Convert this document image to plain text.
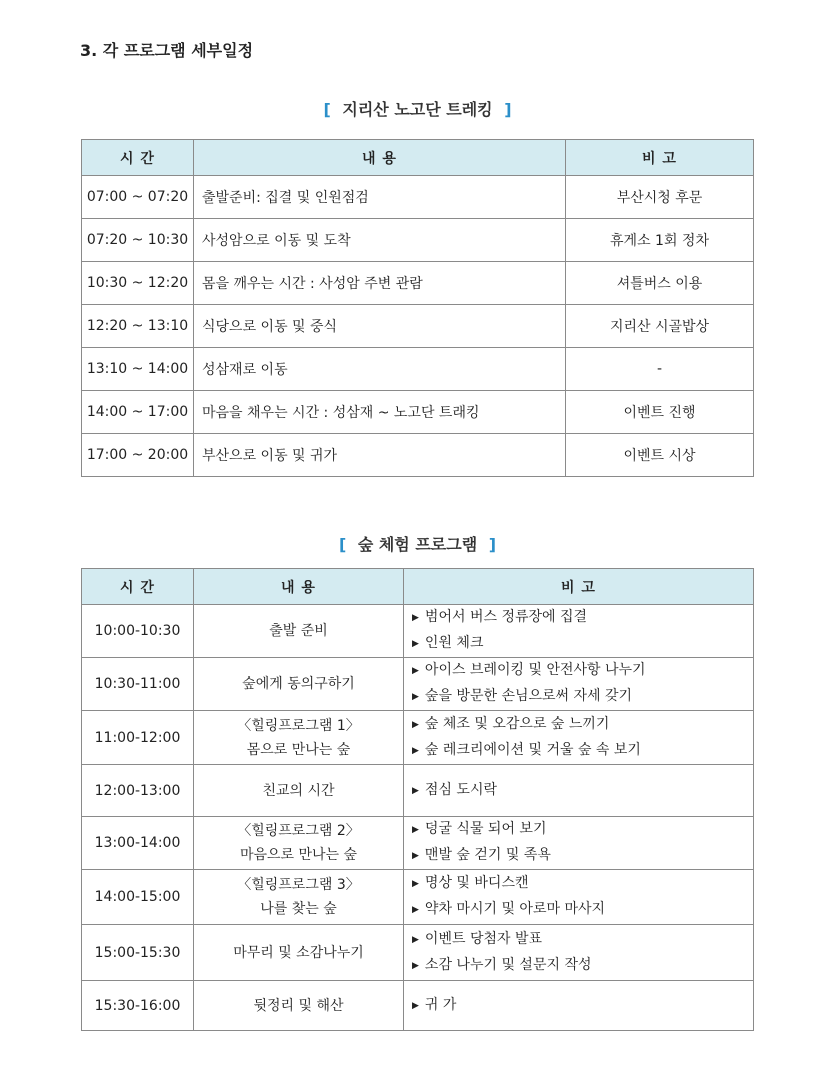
3. 각 프로그램 세부일정
[ 지리산 노고단 트레킹 ]
시 간	내 용	비 고
07:00 ~ 07:20	출발준비: 집결 및 인원점검	부산시청 후문
07:20 ~ 10:30	사성암으로 이동 및 도착	휴게소 1회 정차
10:30 ~ 12:20	몸을 깨우는 시간 : 사성암 주변 관람	셔틀버스 이용
12:20 ~ 13:10	식당으로 이동 및 중식	지리산 시골밥상
13:10 ~ 14:00	성삼재로 이동	-
14:00 ~ 17:00	마음을 채우는 시간 : 성삼재 ~ 노고단 트래킹	이벤트 진행
17:00 ~ 20:00	부산으로 이동 및 귀가	이벤트 시상
[ 숲 체험 프로그램 ]
시 간	내 용	비 고
10:00-10:30	출발 준비	▶ 범어서 버스 정류장에 집결
▶ 인원 체크

10:30-11:00	숲에게 동의구하기	▶ 아이스 브레이킹 및 안전사항 나누기
▶ 숲을 방문한 손님으로써 자세 갖기

11:00-12:00	〈힐링프로그램 1〉
몸으로 만나는 숲	▶ 숲 체조 및 오감으로 숲 느끼기
▶ 숲 레크리에이션 및 거울 숲 속 보기

12:00-13:00	친교의 시간	▶ 점심 도시락

13:00-14:00	〈힐링프로그램 2〉
마음으로 만나는 숲	▶ 덩굴 식물 되어 보기
▶ 맨발 숲 걷기 및 족욕

14:00-15:00	〈힐링프로그램 3〉
나를 찾는 숲	▶ 명상 및 바디스캔
▶ 약차 마시기 및 아로마 마사지

15:00-15:30	마무리 및 소감나누기	▶ 이벤트 당첨자 발표
▶ 소감 나누기 및 설문지 작성

15:30-16:00	뒷정리 및 해산	▶ 귀 가
